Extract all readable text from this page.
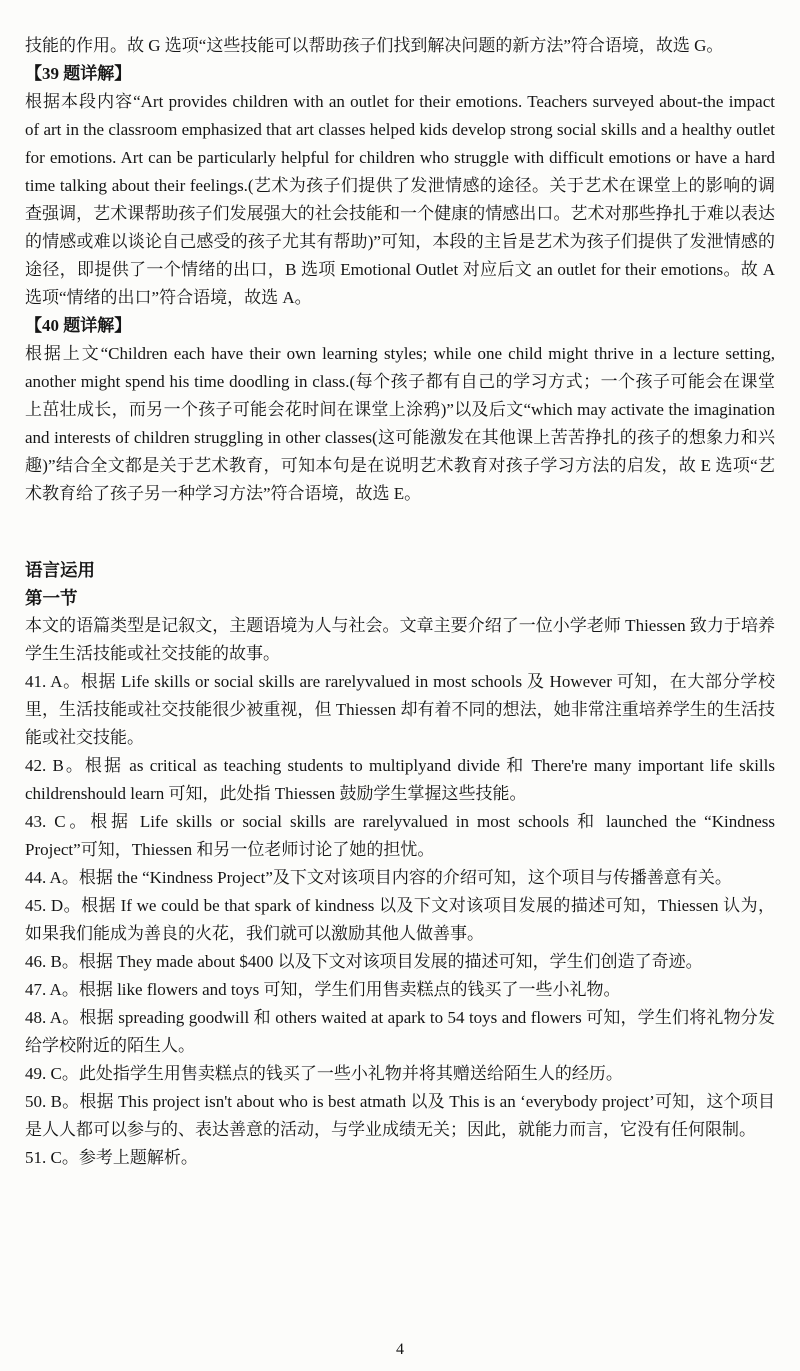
技能的作用。故 G 选项“这些技能可以帮助孩子们找到解决问题的新方法”符合语境，故选 G。

【39 题详解】

根据本段内容“Art provides children with an outlet for their emotions. Teachers surveyed about-the impact of art in the classroom emphasized that art classes helped kids develop strong social skills and a healthy outlet for emotions. Art can be particularly helpful for children who struggle with difficult emotions or have a hard time talking about their feelings.(艺术为孩子们提供了发泄情感的途径。关于艺术在课堂上的影响的调查强调，艺术课帮助孩子们发展强大的社会技能和一个健康的情感出口。艺术对那些挣扎于难以表达的情感或难以谈论自己感受的孩子尤其有帮助)”可知，本段的主旨是艺术为孩子们提供了发泄情感的途径，即提供了一个情绪的出口，B 选项 Emotional Outlet 对应后文 an outlet for their emotions。故 A 选项“情绪的出口”符合语境，故选 A。

【40 题详解】

根据上文“Children each have their own learning styles; while one child might thrive in a lecture setting, another might spend his time doodling in class.(每个孩子都有自己的学习方式；一个孩子可能会在课堂上茁壮成长，而另一个孩子可能会花时间在课堂上涂鸦)”以及后文“which may activate the imagination and interests of children struggling in other classes(这可能激发在其他课上苦苦挣扎的孩子的想象力和兴趣)”结合全文都是关于艺术教育，可知本句是在说明艺术教育对孩子学习方法的启发，故 E 选项“艺术教育给了孩子另一种学习方法”符合语境，故选 E。

语言运用

第一节

本文的语篇类型是记叙文，主题语境为人与社会。文章主要介绍了一位小学老师 Thiessen 致力于培养学生生活技能或社交技能的故事。

41. A。根据 Life skills or social skills are rarelyvalued in most schools 及 However 可知，在大部分学校里，生活技能或社交技能很少被重视，但 Thiessen 却有着不同的想法，她非常注重培养学生的生活技能或社交技能。

42. B。根据 as critical as teaching students to multiplyand divide 和 There're many important life skills childrenshould learn 可知，此处指 Thiessen 鼓励学生掌握这些技能。

43. C。根据 Life skills or social skills are rarelyvalued in most schools 和 launched the “Kindness Project”可知，Thiessen 和另一位老师讨论了她的担忧。

44. A。根据 the “Kindness Project”及下文对该项目内容的介绍可知，这个项目与传播善意有关。

45. D。根据 If we could be that spark of kindness 以及下文对该项目发展的描述可知，Thiessen 认为，如果我们能成为善良的火花，我们就可以激励其他人做善事。

46. B。根据 They made about $400 以及下文对该项目发展的描述可知，学生们创造了奇迹。

47. A。根据 like flowers and toys 可知，学生们用售卖糕点的钱买了一些小礼物。

48. A。根据 spreading goodwill 和 others waited at apark to 54 toys and flowers 可知，学生们将礼物分发给学校附近的陌生人。

49. C。此处指学生用售卖糕点的钱买了一些小礼物并将其赠送给陌生人的经历。

50. B。根据 This project isn't about who is best atmath 以及 This is an ‘everybody project’可知，这个项目是人人都可以参与的、表达善意的活动，与学业成绩无关；因此，就能力而言，它没有任何限制。

51. C。参考上题解析。

4
